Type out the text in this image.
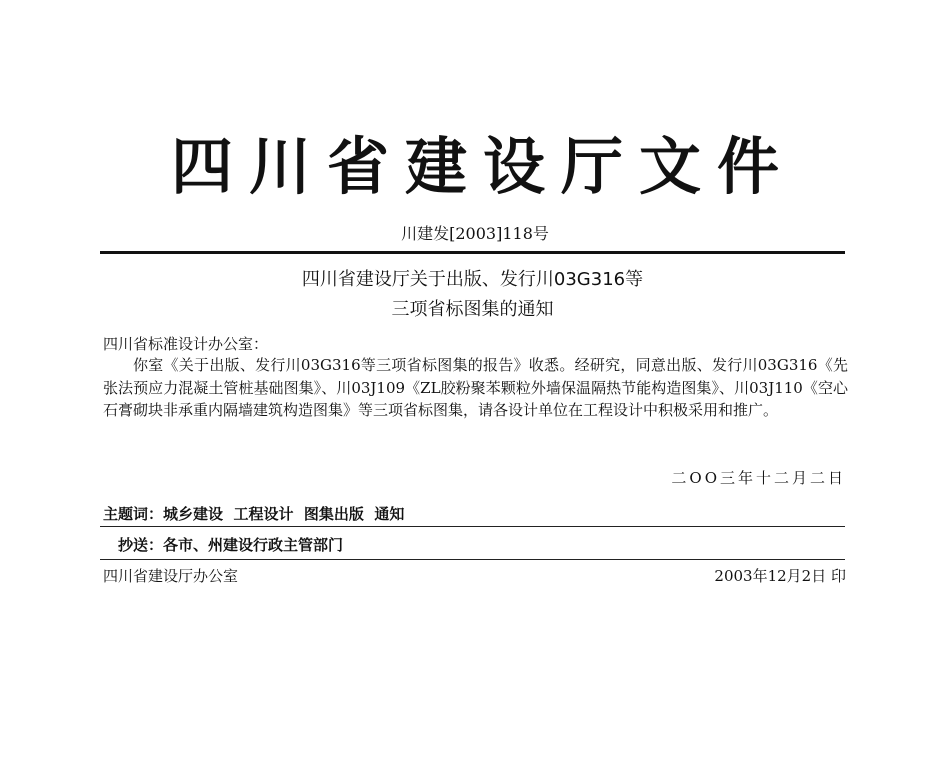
四川省建设厅文件
川建发[2003]118号
四川省建设厅关于出版、发行川03G316等
三项省标图集的通知
四川省标准设计办公室：

你室《关于出版、发行川03G316等三项省标图集的报告》收悉。经研究，同意出版、发行川03G316《先张法预应力混凝土管桩基础图集》、川03J109《ZL胶粉聚苯颗粒外墙保温隔热节能构造图集》、川03J110《空心石膏砌块非承重内隔墙建筑构造图集》等三项省标图集，请各设计单位在工程设计中积极采用和推广。

二OO三年十二月二日
主题词：城乡建设  工程设计  图集出版  通知
抄送：各市、州建设行政主管部门
四川省建设厅办公室	2003年12月2日 印
